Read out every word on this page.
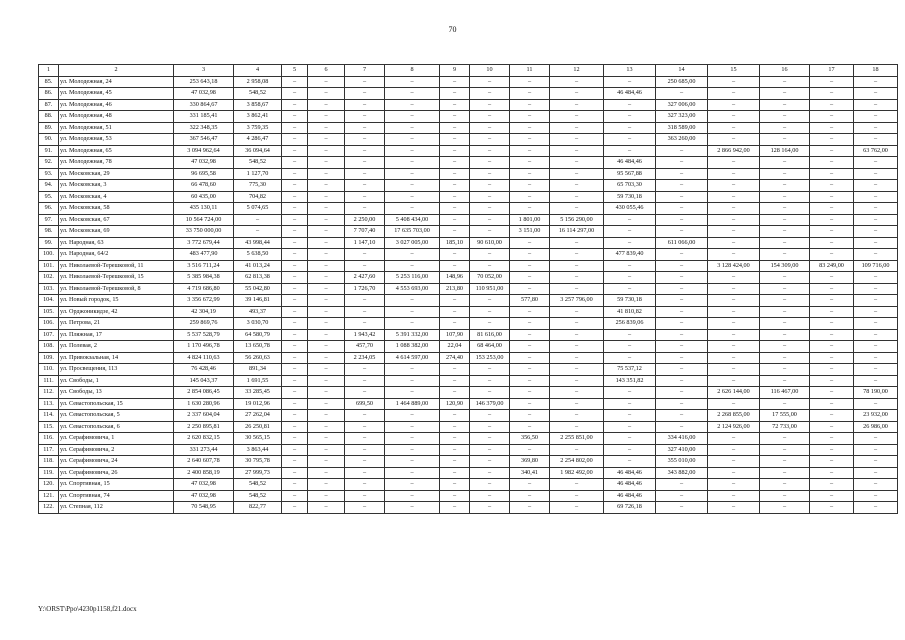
70
1	2	3	4	5	6	7	8	9	10	11	12	13	14	15	16	17	18
85.	ул. Молодежная, 24	253 643,18	2 958,08	–	–	–	–	–	–	–	–	–	250 685,00	–	–	–	–
86.	ул. Молодежная, 45	47 032,98	548,52	–	–	–	–	–	–	–	–	46 484,46	–	–	–	–	–
87.	ул. Молодежная, 46	330 864,67	3 858,67	–	–	–	–	–	–	–	–	–	327 006,00	–	–	–	–
88.	ул. Молодежная, 48	331 185,41	3 862,41	–	–	–	–	–	–	–	–	–	327 323,00	–	–	–	–
89.	ул. Молодежная, 51	322 348,35	3 759,35	–	–	–	–	–	–	–	–	–	318 589,00	–	–	–	–
90.	ул. Молодежная, 53	367 546,47	4 286,47	–	–	–	–	–	–	–	–	–	363 260,00	–	–	–	–
91.	ул. Молодежная, 65	3 094 962,64	36 094,64	–	–	–	–	–	–	–	–	–	–	2 866 942,00	128 164,00	–	63 762,00
92.	ул. Молодежная, 78	47 032,98	548,52	–	–	–	–	–	–	–	–	46 484,46	–	–	–	–	–
93.	ул. Московская, 29	96 695,58	1 127,70	–	–	–	–	–	–	–	–	95 567,88	–	–	–	–	–
94.	ул. Московская, 3	66 478,60	775,30	–	–	–	–	–	–	–	–	65 703,30	–	–	–	–	–
95.	ул. Московская, 4	60 435,00	704,82	–	–	–	–	–	–	–	–	59 730,18	–	–	–	–	–
96.	ул. Московская, 58	435 130,11	5 074,65	–	–	–	–	–	–	–	–	430 055,46	–	–	–	–	–
97.	ул. Московская, 67	10 564 724,00	–	–	–	2 250,00	5 408 434,00	–	–	1 801,00	5 156 290,00	–	–	–	–	–	–
98.	ул. Московская, 69	33 750 000,00	–	–	–	7 707,40	17 635 703,00	–	–	3 151,00	16 114 297,00	–	–	–	–	–	–
99.	ул. Народная, 63	3 772 679,44	43 998,44	–	–	1 147,10	3 027 005,00	185,10	90 610,00	–	–	–	611 066,00	–	–	–	–
100.	ул. Народная, 64/2	483 477,90	5 638,50	–	–	–	–	–	–	–	–	477 839,40	–	–	–	–	–
101.	ул. Николаевой-Терешковой, 11	3 516 711,24	41 013,24	–	–	–	–	–	–	–	–	–	–	3 128 424,00	154 309,00	83 249,00	109 716,00
102.	ул. Николаевой-Терешковой, 15	5 385 984,38	62 813,38	–	–	2 427,60	5 253 116,00	148,96	70 052,00	–	–	–	–	–	–	–	–
103.	ул. Николаевой-Терешковой, 8	4 719 686,80	55 042,80	–	–	1 726,70	4 553 693,00	213,80	110 951,00	–	–	–	–	–	–	–	–
104.	ул. Новый городок, 15	3 356 672,99	39 146,81	–	–	–	–	–	–	577,80	3 257 796,00	59 730,18	–	–	–	–	–
105.	ул. Орджоникидзе, 42	42 304,19	493,37	–	–	–	–	–	–	–	–	41 810,82	–	–	–	–	–
106.	ул. Петрова, 21	259 869,76	3 030,70	–	–	–	–	–	–	–	–	256 839,06	–	–	–	–	–
107.	ул. Пляжная, 17	5 537 528,79	64 580,79	–	–	1 943,42	5 391 332,00	107,90	81 616,00	–	–	–	–	–	–	–	–
108.	ул. Полевая, 2	1 170 496,78	13 650,78	–	–	457,70	1 088 382,00	22,04	68 464,00	–	–	–	–	–	–	–	–
109.	ул. Привокзальная, 14	4 824 110,63	56 260,63	–	–	2 234,05	4 614 597,00	274,40	153 253,00	–	–	–	–	–	–	–	–
110.	ул. Просвещения, 113	76 428,46	891,34	–	–	–	–	–	–	–	–	75 537,12	–	–	–	–	–
111.	ул. Свободы, 1	145 043,37	1 691,55	–	–	–	–	–	–	–	–	143 351,82	–	–	–	–	–
112.	ул. Свободы, 13	2 854 086,45	33 285,45	–	–	–	–	–	–	–	–	–	–	2 626 144,00	116 467,00	–	78 190,00
113.	ул. Севастопольская, 15	1 630 280,96	19 012,96	–	–	699,50	1 464 889,00	120,90	146 379,00	–	–	–	–	–	–	–	–
114.	ул. Севастопольская, 5	2 337 604,04	27 262,04	–	–	–	–	–	–	–	–	–	–	2 268 855,00	17 555,00	–	23 932,00
115.	ул. Севастопольская, 6	2 250 895,81	26 250,81	–	–	–	–	–	–	–	–	–	–	2 124 926,00	72 733,00	–	26 986,00
116.	ул. Серафимовича, 1	2 620 832,15	30 565,15	–	–	–	–	–	–	356,50	2 255 851,00	–	334 416,00	–	–	–	–
117.	ул. Серафимовича, 2	331 273,44	3 863,44	–	–	–	–	–	–	–	–	–	327 410,00	–	–	–	–
118.	ул. Серафимовича, 24	2 640 607,78	30 795,78	–	–	–	–	–	–	369,80	2 254 802,00	–	355 010,00	–	–	–	–
119.	ул. Серафимовича, 26	2 400 858,19	27 999,73	–	–	–	–	–	–	340,41	1 982 492,00	46 484,46	343 882,00	–	–	–	–
120.	ул. Спортивная, 15	47 032,98	548,52	–	–	–	–	–	–	–	–	46 484,46	–	–	–	–	–
121.	ул. Спортивная, 74	47 032,98	548,52	–	–	–	–	–	–	–	–	46 484,46	–	–	–	–	–
122.	ул. Степная, 112	70 548,95	822,77	–	–	–	–	–	–	–	–	69 726,18	–	–	–	–	–
Y:\ORST\Ppo\4230p1158,f21.docx
